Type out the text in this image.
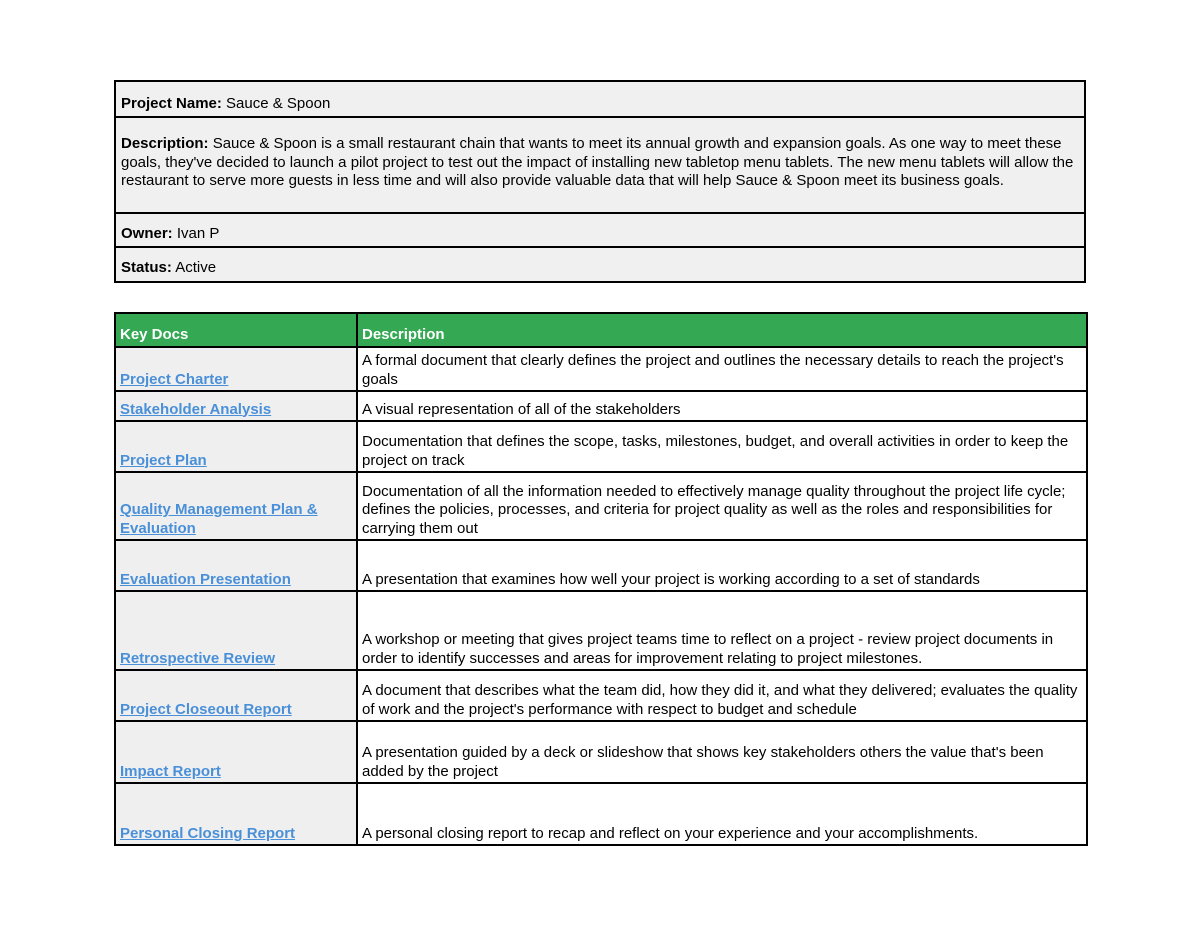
Project Name: Sauce & Spoon
Description: Sauce & Spoon is a small restaurant chain that wants to meet its annual growth and expansion goals. As one way to meet these goals, they've decided to launch a pilot project to test out the impact of installing new tabletop menu tablets. The new menu tablets will allow the restaurant to serve more guests in less time and will also provide valuable data that will help Sauce & Spoon meet its business goals.
Owner: Ivan P
Status: Active
Key Docs	Description
Project Charter	A formal document that clearly defines the project and outlines the necessary details to reach the project's goals
Stakeholder Analysis	A visual representation of all of the stakeholders
Project Plan	Documentation that defines the scope, tasks, milestones, budget, and overall activities in order to keep the project on track
Quality Management Plan & Evaluation	Documentation of all the information needed to effectively manage quality throughout the project life cycle; defines the policies, processes, and criteria for project quality as well as the roles and responsibilities for carrying them out
Evaluation Presentation	A presentation that examines how well your project is working according to a set of standards
Retrospective Review	A workshop or meeting that gives project teams time to reflect on a project - review project documents in order to identify successes and areas for improvement relating to project milestones.
Project Closeout Report	A document that describes what the team did, how they did it, and what they delivered; evaluates the quality of work and the project's performance with respect to budget and schedule
Impact Report	A presentation guided by a deck or slideshow that shows key stakeholders others the value that's been added by the project
Personal Closing Report	A personal closing report to recap and reflect on your experience and your accomplishments.
